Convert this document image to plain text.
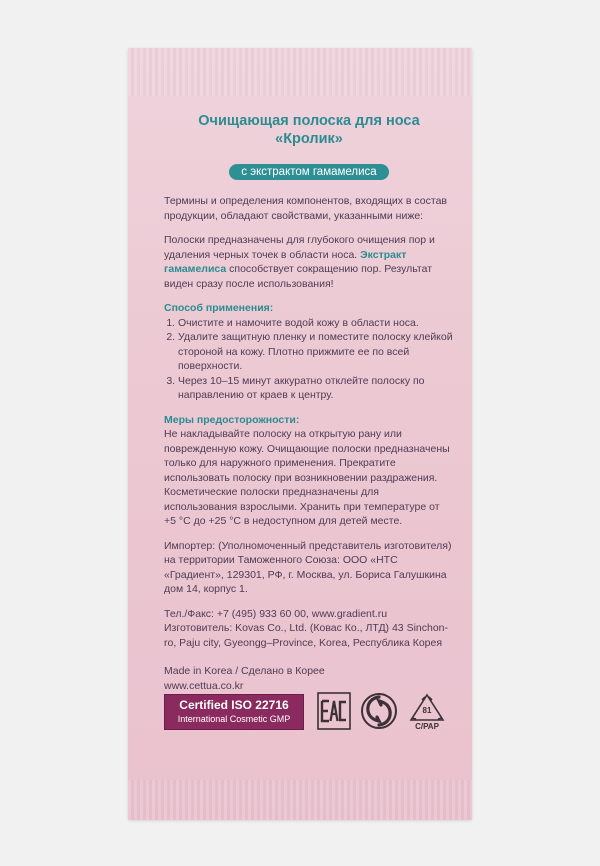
Очищающая полоска для носа
«Кролик»
с экстрактом гамамелиса

Термины и определения компонентов, входящих в состав продукции, обладают свойствами, указанными ниже:

Полоски предназначены для глубокого очищения пор и удаления черных точек в области носа. Экстракт гамамелиса способствует сокращению пор. Результат виден сразу после использования!

Способ применения:
1. Очистите и намочите водой кожу в области носа.
2. Удалите защитную пленку и поместите полоску клейкой стороной на кожу. Плотно прижмите ее по всей поверхности.
3. Через 10–15 минут аккуратно отклейте полоску по направлению от краев к центру.
Меры предосторожности:

Не накладывайте полоску на открытую рану или поврежденную кожу. Очищающие полоски предназначены только для наружного применения. Прекратите использовать полоску при возникновении раздражения. Косметические полоски предназначены для использования взрослыми. Хранить при температуре от +5 °С до +25 °С в недоступном для детей месте.

Импортер: (Уполномоченный представитель изготовителя) на территории Таможенного Союза: ООО «НТС «Градиент», 129301, РФ, г. Москва, ул. Бориса Галушкина дом 14, корпус 1.

Тел./Факс: +7 (495) 933 60 00, www.gradient.ru Изготовитель: Kovas Co., Ltd. (Ковас Ко., ЛТД) 43 Sinchon-ro, Paju city, Gyeongg–Province, Korea, Республика Корея

Made in Korea / Сделано в Корее

www.cettua.co.kr

Certified ISO 22716
International Cosmetic GMP
81
C/PAP
